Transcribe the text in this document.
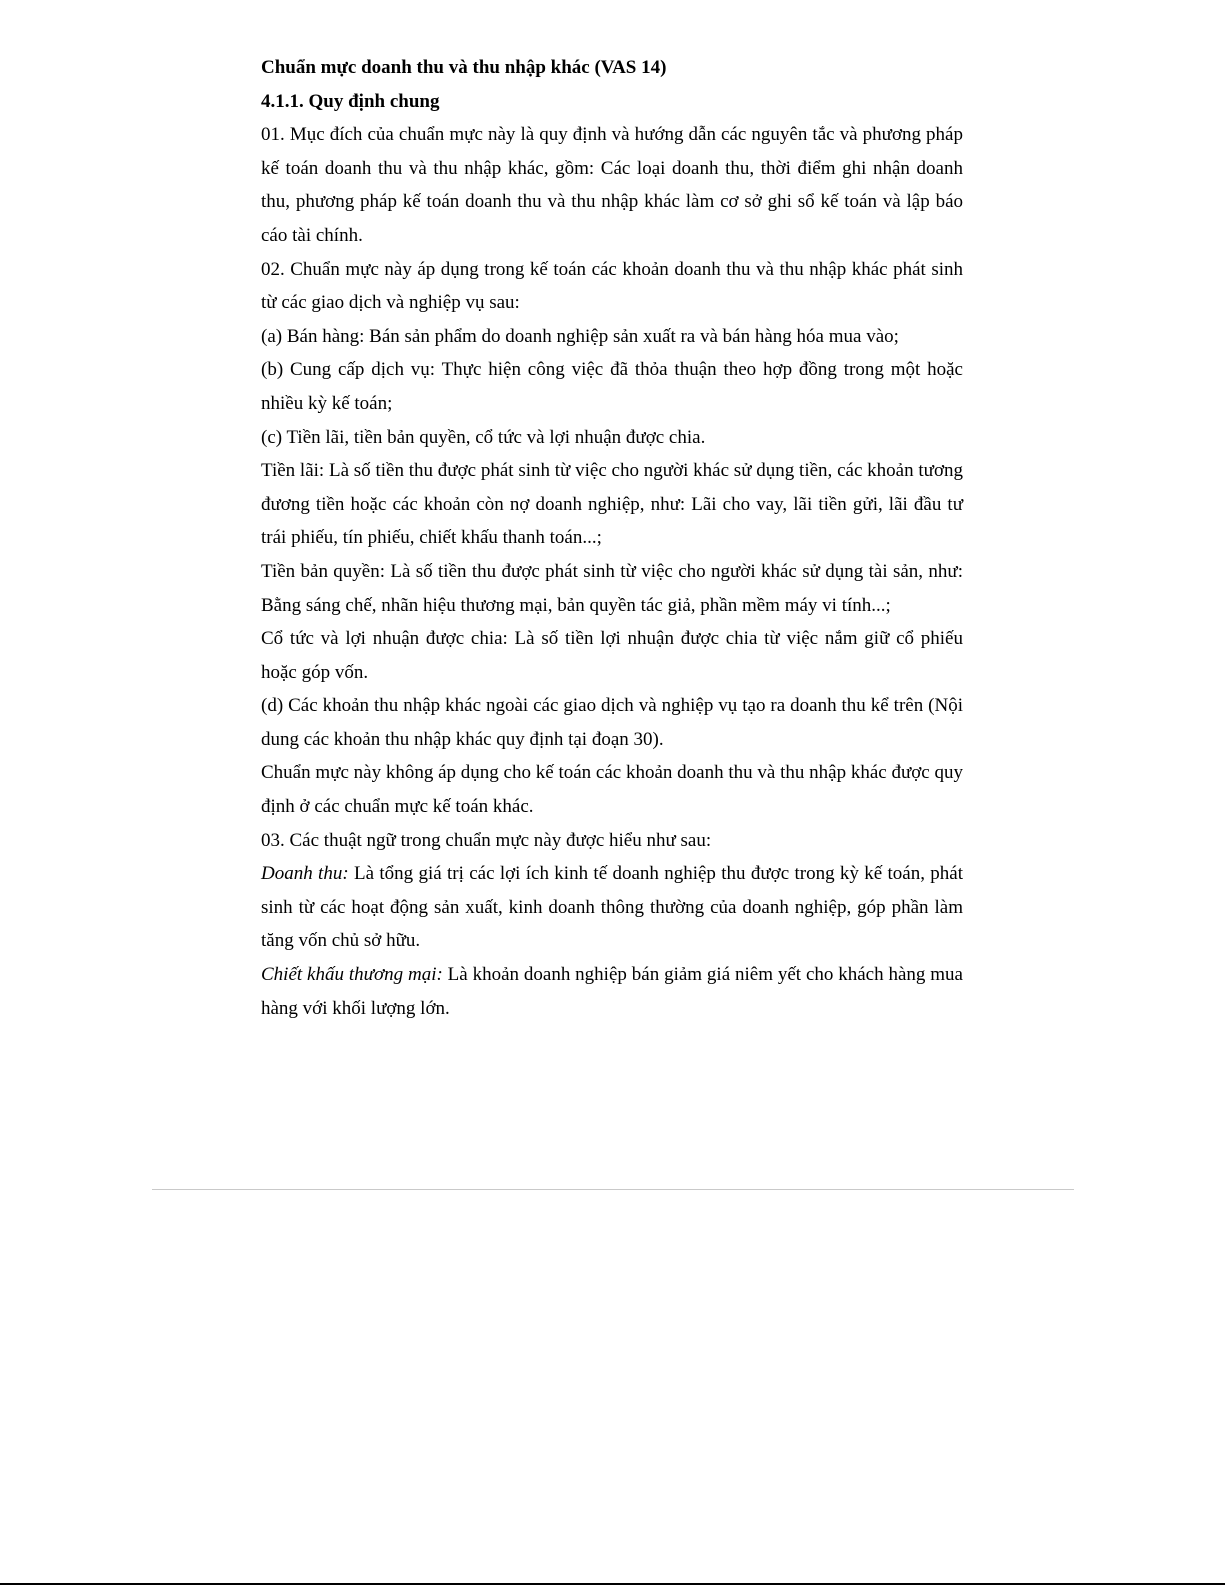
Chuẩn mực doanh thu và thu nhập khác (VAS 14)

4.1.1. Quy định chung

01. Mục đích của chuẩn mực này là quy định và hướng dẫn các nguyên tắc và phương pháp kế toán doanh thu và thu nhập khác, gồm: Các loại doanh thu, thời điểm ghi nhận doanh thu, phương pháp kế toán doanh thu và thu nhập khác làm cơ sở ghi sổ kế toán và lập báo cáo tài chính.

02. Chuẩn mực này áp dụng trong kế toán các khoản doanh thu và thu nhập khác phát sinh từ các giao dịch và nghiệp vụ sau:

(a) Bán hàng: Bán sản phẩm do doanh nghiệp sản xuất ra và bán hàng hóa mua vào;

(b) Cung cấp dịch vụ: Thực hiện công việc đã thỏa thuận theo hợp đồng trong một hoặc nhiều kỳ kế toán;

(c) Tiền lãi, tiền bản quyền, cổ tức và lợi nhuận được chia.

Tiền lãi: Là số tiền thu được phát sinh từ việc cho người khác sử dụng tiền, các khoản tương đương tiền hoặc các khoản còn nợ doanh nghiệp, như: Lãi cho vay, lãi tiền gửi, lãi đầu tư trái phiếu, tín phiếu, chiết khấu thanh toán...;

Tiền bản quyền: Là số tiền thu được phát sinh từ việc cho người khác sử dụng tài sản, như: Bằng sáng chế, nhãn hiệu thương mại, bản quyền tác giả, phần mềm máy vi tính...;

Cổ tức và lợi nhuận được chia: Là số tiền lợi nhuận được chia từ việc nắm giữ cổ phiếu hoặc góp vốn.

(d) Các khoản thu nhập khác ngoài các giao dịch và nghiệp vụ tạo ra doanh thu kể trên (Nội dung các khoản thu nhập khác quy định tại đoạn 30).

Chuẩn mực này không áp dụng cho kế toán các khoản doanh thu và thu nhập khác được quy định ở các chuẩn mực kế toán khác.

03. Các thuật ngữ trong chuẩn mực này được hiểu như sau:

Doanh thu: Là tổng giá trị các lợi ích kinh tế doanh nghiệp thu được trong kỳ kế toán, phát sinh từ các hoạt động sản xuất, kinh doanh thông thường của doanh nghiệp, góp phần làm tăng vốn chủ sở hữu.

Chiết khấu thương mại: Là khoản doanh nghiệp bán giảm giá niêm yết cho khách hàng mua hàng với khối lượng lớn.
